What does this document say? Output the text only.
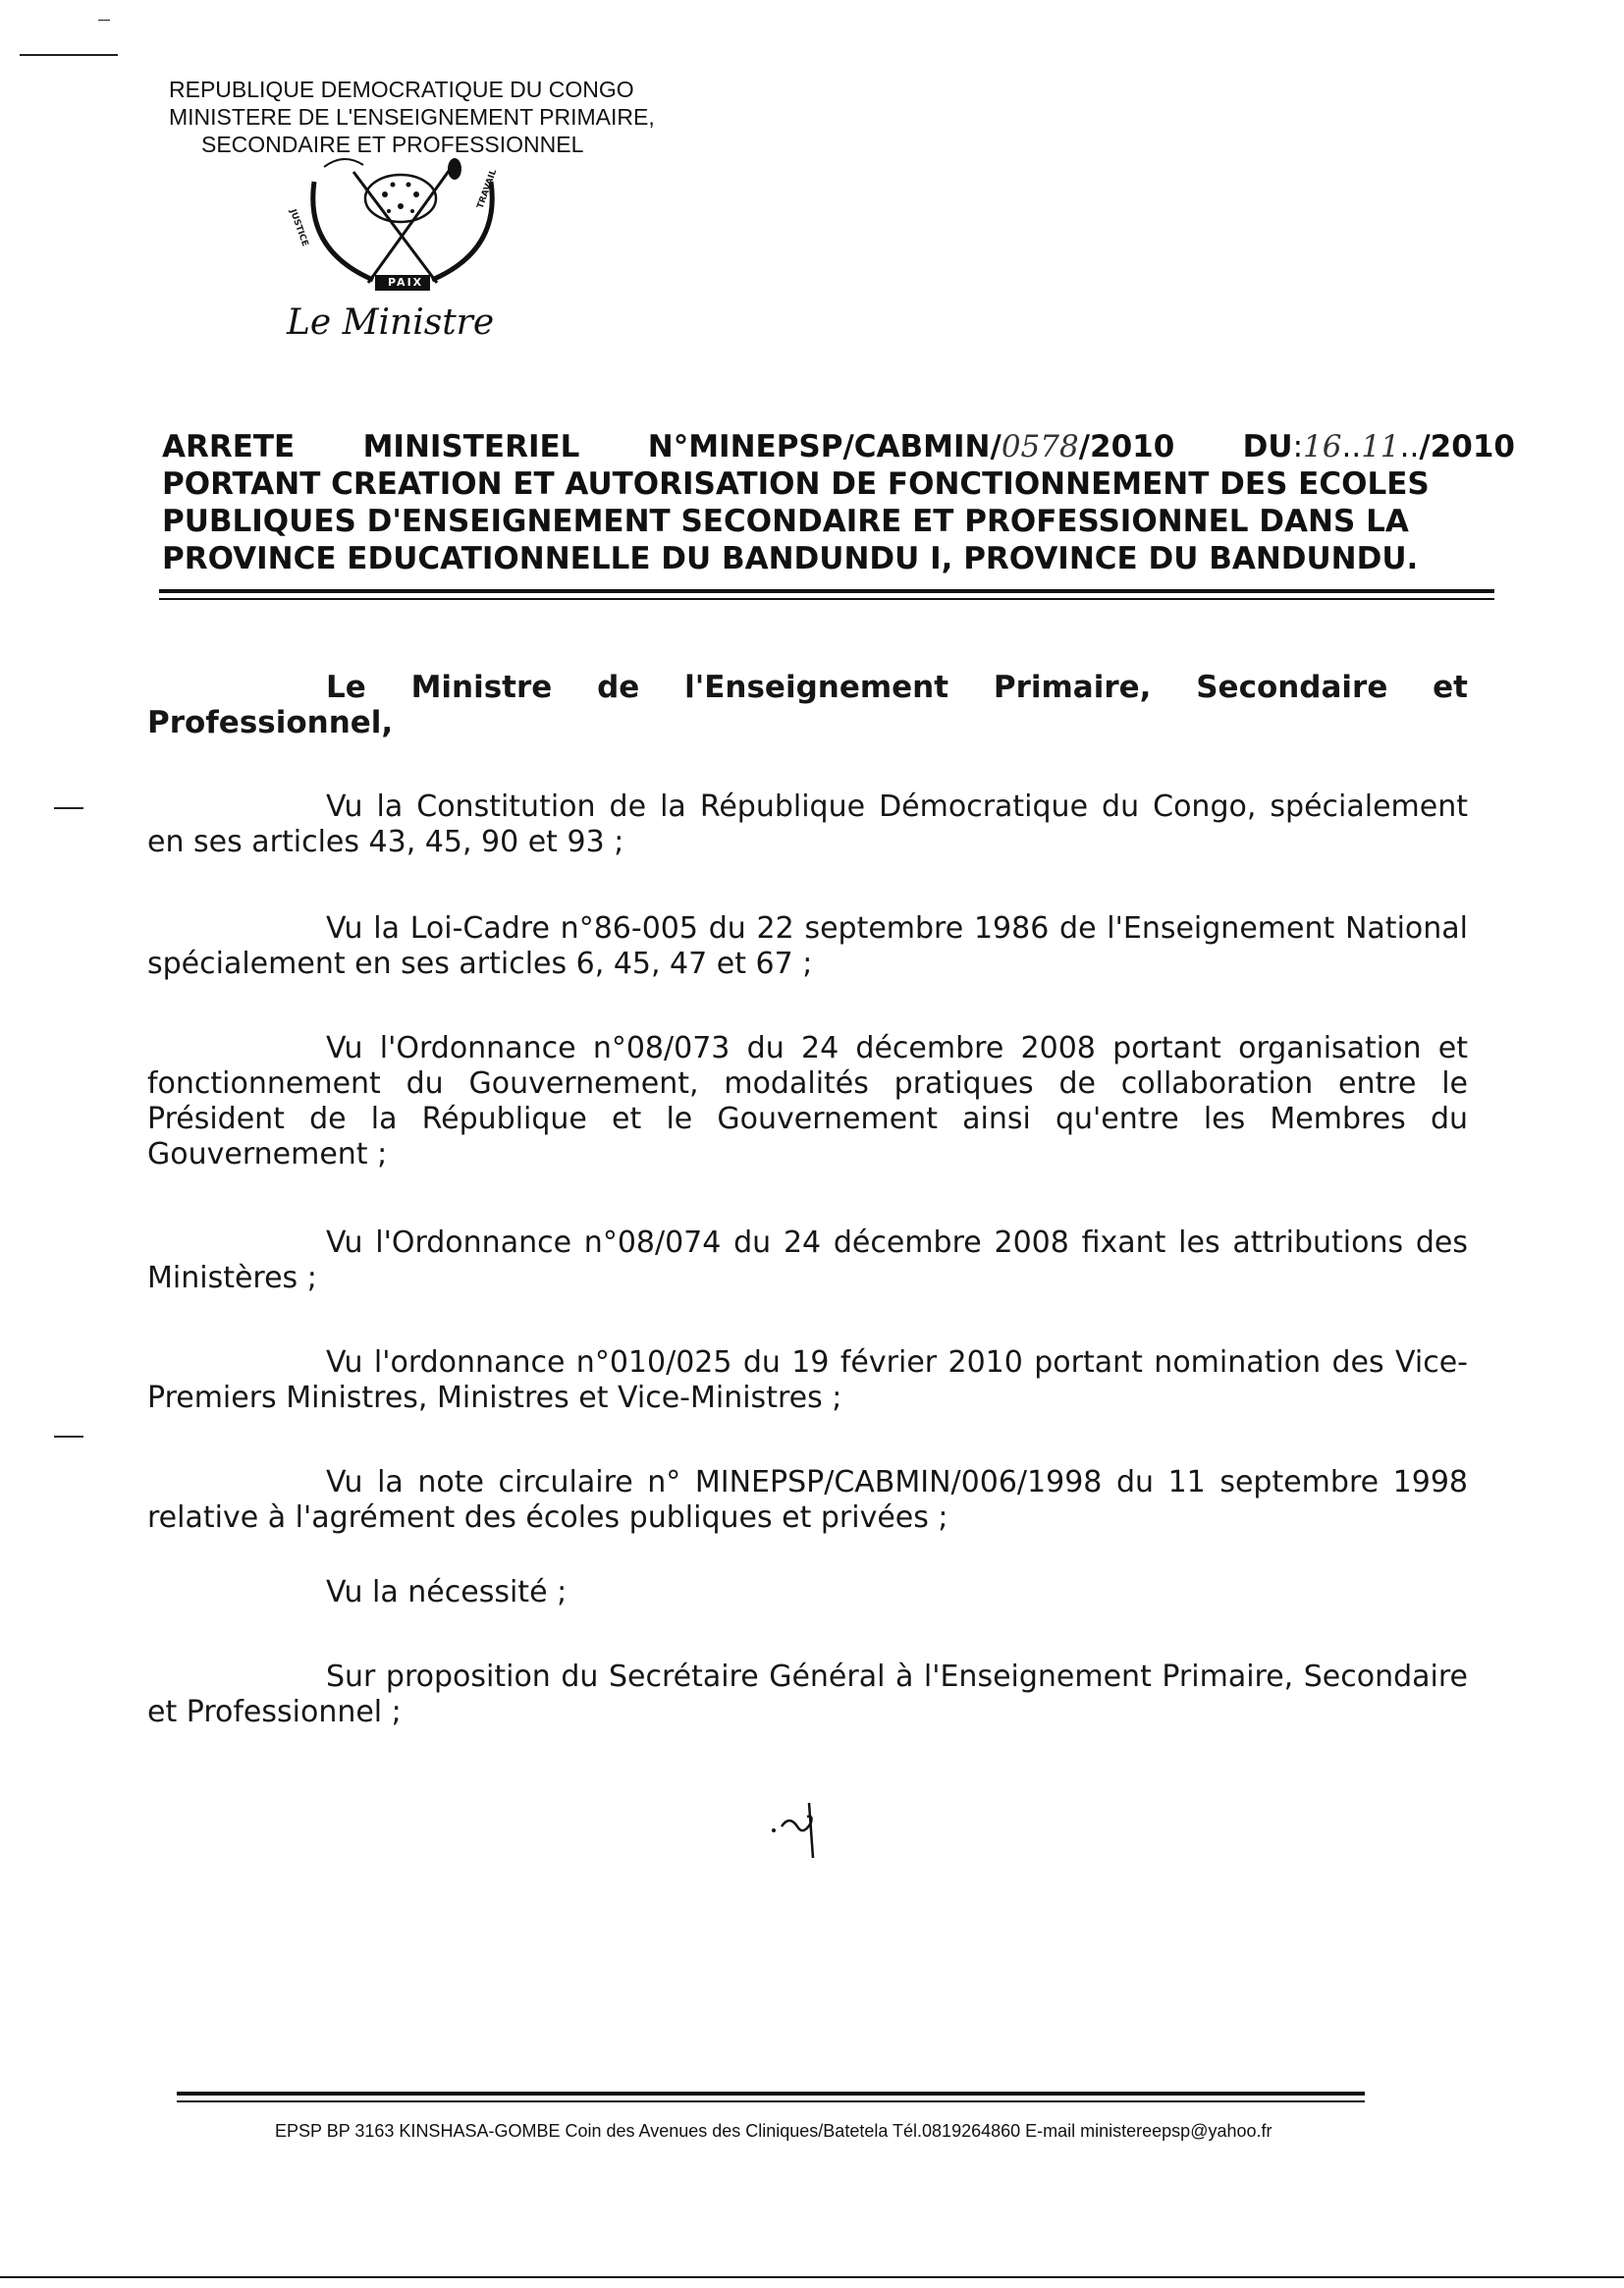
REPUBLIQUE DEMOCRATIQUE DU CONGO
MINISTERE DE L'ENSEIGNEMENT PRIMAIRE,
SECONDAIRE ET PROFESSIONNEL
JUSTICE
PAIX
TRAVAIL
Le Ministre
ARRETE MINISTERIEL N°MINEPSP/CABMIN/0578/2010 DU:16..11../2010
PORTANT CREATION ET AUTORISATION DE FONCTIONNEMENT DES ECOLES
PUBLIQUES D'ENSEIGNEMENT SECONDAIRE ET PROFESSIONNEL DANS LA
PROVINCE EDUCATIONNELLE DU BANDUNDU I, PROVINCE DU BANDUNDU.

Le Ministre de l'Enseignement Primaire, Secondaire et Professionnel,

Vu la Constitution de la République Démocratique du Congo, spécialement en ses articles 43, 45, 90 et 93 ;

Vu la Loi-Cadre n°86-005 du 22 septembre 1986 de l'Enseignement National spécialement en ses articles 6, 45, 47 et 67 ;

Vu l'Ordonnance n°08/073 du 24 décembre 2008 portant organisation et fonctionnement du Gouvernement, modalités pratiques de collaboration entre le Président de la République et le Gouvernement ainsi qu'entre les Membres du Gouvernement ;

Vu l'Ordonnance n°08/074 du 24 décembre 2008 fixant les attributions des Ministères ;

Vu l'ordonnance n°010/025 du 19 février 2010 portant nomination des Vice-Premiers Ministres, Ministres et Vice-Ministres ;

Vu la note circulaire n° MINEPSP/CABMIN/006/1998 du 11 septembre 1998 relative à l'agrément des écoles publiques et privées ;

Vu la nécessité ;

Sur proposition du Secrétaire Général à l'Enseignement Primaire, Secondaire et Professionnel ;

EPSP BP 3163 KINSHASA-GOMBE Coin des Avenues des Cliniques/Batetela Tél.0819264860 E-mail ministereepsp@yahoo.fr
